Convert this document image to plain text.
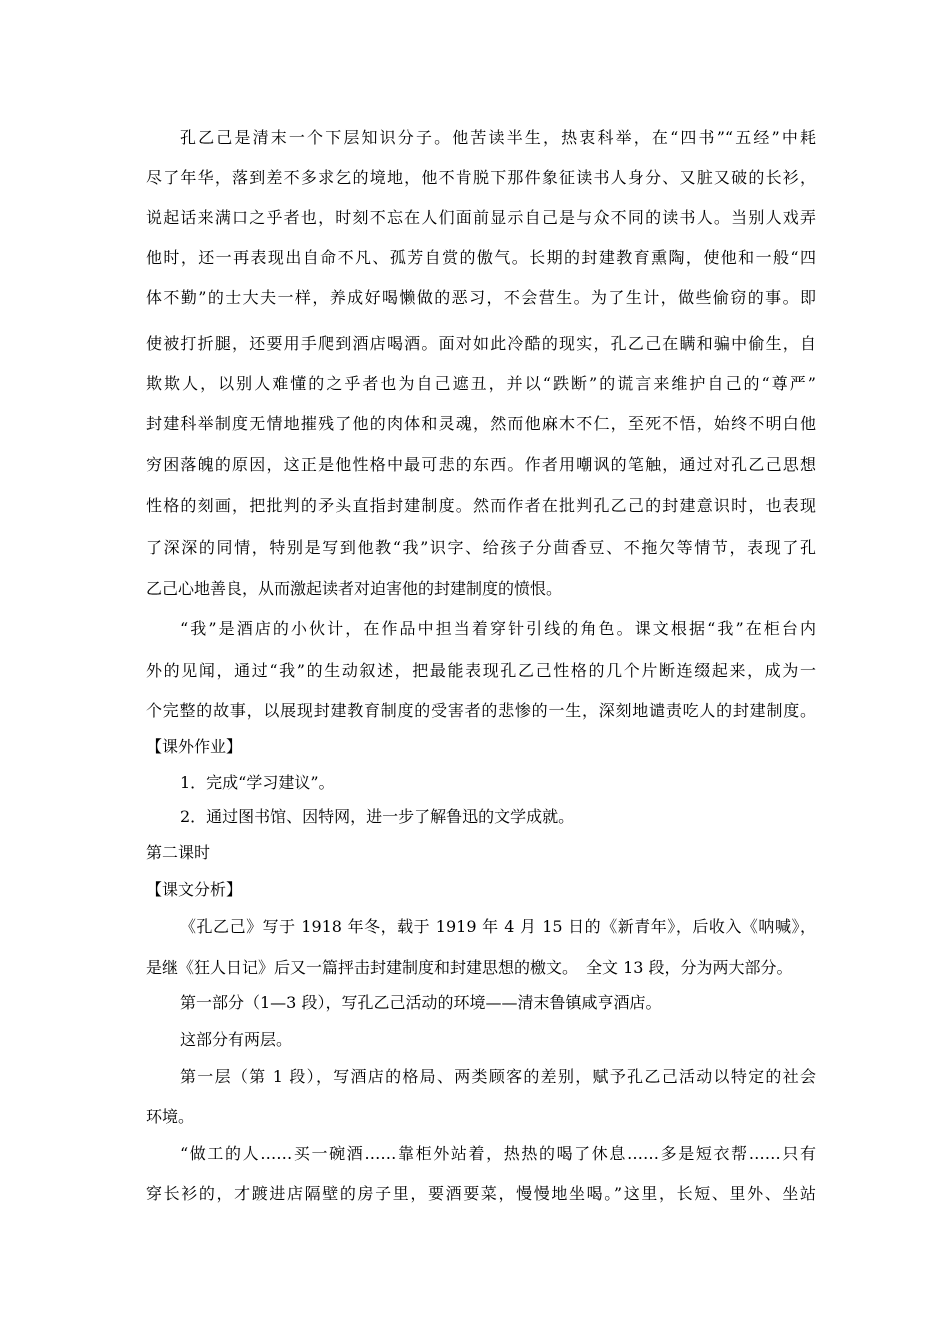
孔乙己是清末一个下层知识分子。他苦读半生，热衷科举，在“四书”“五经”中耗
尽了年华，落到差不多求乞的境地，他不肯脱下那件象征读书人身分、又脏又破的长衫，
说起话来满口之乎者也，时刻不忘在人们面前显示自己是与众不同的读书人。当别人戏弄
他时，还一再表现出自命不凡、孤芳自赏的傲气。长期的封建教育熏陶，使他和一般“四
体不勤”的士大夫一样，养成好喝懒做的恶习，不会营生。为了生计，做些偷窃的事。即
使被打折腿，还要用手爬到酒店喝酒。面对如此冷酷的现实，孔乙己在瞒和骗中偷生，自
欺欺人，以别人难懂的之乎者也为自己遮丑，并以“跌断”的谎言来维护自己的“尊严”
封建科举制度无情地摧残了他的肉体和灵魂，然而他麻木不仁，至死不悟，始终不明白他
穷困落魄的原因，这正是他性格中最可悲的东西。作者用嘲讽的笔触，通过对孔乙己思想
性格的刻画，把批判的矛头直指封建制度。然而作者在批判孔乙己的封建意识时，也表现
了深深的同情，特别是写到他教“我”识字、给孩子分茴香豆、不拖欠等情节，表现了孔
乙己心地善良，从而激起读者对迫害他的封建制度的愤恨。
“我”是酒店的小伙计，在作品中担当着穿针引线的角色。课文根据“我”在柜台内
外的见闻，通过“我”的生动叙述，把最能表现孔乙己性格的几个片断连缀起来，成为一
个完整的故事，以展现封建教育制度的受害者的悲惨的一生，深刻地谴责吃人的封建制度。
【课外作业】
1．完成“学习建议”。
2．通过图书馆、因特网，进一步了解鲁迅的文学成就。
第二课时
【课文分析】
《孔乙己》写于 1918 年冬，载于 1919 年 4 月 15 日的《新青年》，后收入《呐喊》，
是继《狂人日记》后又一篇抨击封建制度和封建思想的檄文。　全文 13 段，分为两大部分。
第一部分（1—3 段），写孔乙己活动的环境——清末鲁镇咸亨酒店。
这部分有两层。
第一层（第 1 段），写酒店的格局、两类顾客的差别，赋予孔乙己活动以特定的社会
环境。
“做工的人……买一碗酒……靠柜外站着，热热的喝了休息……多是短衣帮……只有
穿长衫的，才踱进店隔壁的房子里，要酒要菜，慢慢地坐喝。”这里，长短、里外、坐站
